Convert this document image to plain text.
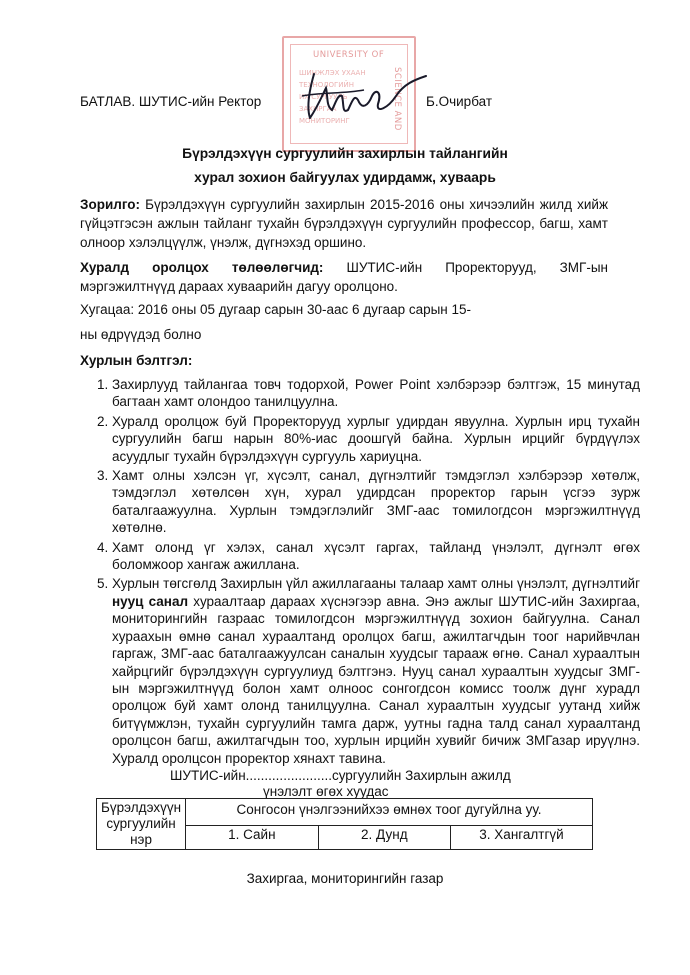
UNIVERSITY OF
SCIENCE AND
ШИНЖЛЭХ УХААН
ТЕХНОЛОГИЙН
ИХ СУРГУУЛЬ
ЗАХИРГАА
МОНИТОРИНГ
БАТЛАВ. ШУТИС-ийн Ректор	Б.Очирбат
Бүрэлдэхүүн сургуулийн захирлын тайлангийн
хурал зохион байгуулах удирдамж, хуваарь
Зорилго: Бүрэлдэхүүн сургуулийн захирлын 2015-2016 оны хичээлийн жилд хийж гүйцэтгэсэн ажлын тайланг тухайн бүрэлдэхүүн сургуулийн профессор, багш, хамт олноор хэлэлцүүлж, үнэлж, дүгнэхэд оршино.
Хуралд оролцох төлөөлөгчид: ШУТИС-ийн Проректорууд, ЗМГ-ын мэргэжилтнүүд дараах хуваарийн дагуу оролцоно.
Хугацаа: 2016 оны 05 дугаар сарын 30-аас 6 дугаар сарын 15-
ны өдрүүдэд болно
Хурлын бэлтгэл:
1. Захирлууд тайлангаа товч тодорхой, Power Point хэлбэрээр бэлтгэж, 15 минутад багтаан хамт олондоо танилцуулна.
2. Хуралд оролцож буй Проректорууд хурлыг удирдан явуулна. Хурлын ирц тухайн сургуулийн багш нарын 80%-иас доошгүй байна. Хурлын ирцийг бүрдүүлэх асуудлыг тухайн бүрэлдэхүүн сургууль хариуцна.
3. Хамт олны хэлсэн үг, хүсэлт, санал, дүгнэлтийг тэмдэглэл хэлбэрээр хөтөлж, тэмдэглэл хөтөлсөн хүн, хурал удирдсан проректор гарын үсгээ зурж баталгаажуулна. Хурлын тэмдэглэлийг ЗМГ-аас томилогдсон мэргэжилтнүүд хөтөлнө.
4. Хамт олонд үг хэлэх, санал хүсэлт гаргах, тайланд үнэлэлт, дүгнэлт өгөх боломжоор хангаж ажиллана.
5. Хурлын төгсгөлд Захирлын үйл ажиллагааны талаар хамт олны үнэлэлт, дүгнэлтийг нууц санал хураалтаар дараах хүснэгээр авна. Энэ ажлыг ШУТИС-ийн Захиргаа, мониторингийн газраас томилогдсон мэргэжилтнүүд зохион байгуулна. Санал хураахын өмнө санал хураалтанд оролцох багш, ажилтагчдын тоог нарийвчлан гаргаж, ЗМГ-аас баталгаажуулсан саналын хуудсыг тарааж өгнө. Санал хураалтын хайрцгийг бүрэлдэхүүн сургуулиуд бэлтгэнэ. Нууц санал хураалтын хуудсыг ЗМГ-ын мэргэжилтнүүд болон хамт олноос сонгогдсон комисс тоолж дүнг хурадл оролцож буй хамт олонд танилцуулна. Санал хураалтын хуудсыг уутанд хийж битүүмжлэн, тухайн сургуулийн тамга дарж, уутны гадна талд санал хураалтанд оролцсон багш, ажилтагчдын тоо, хурлын ирцийн хувийг бичиж ЗМГазар ируүлнэ. Хуралд оролцсон проректор хянахт тавина.
ШУТИС-ийн.......................сургуулийн Захирлын ажилд
үнэлэлт өгөх хуудас
Бүрэлдэхүүн сургуулийн нэр	Сонгосон үнэлгээнийхээ өмнөх тоог дугуйлна уу.		
	1. Сайн	2. Дунд	3. Хангалтгүй
Захиргаа, мониторингийн газар
